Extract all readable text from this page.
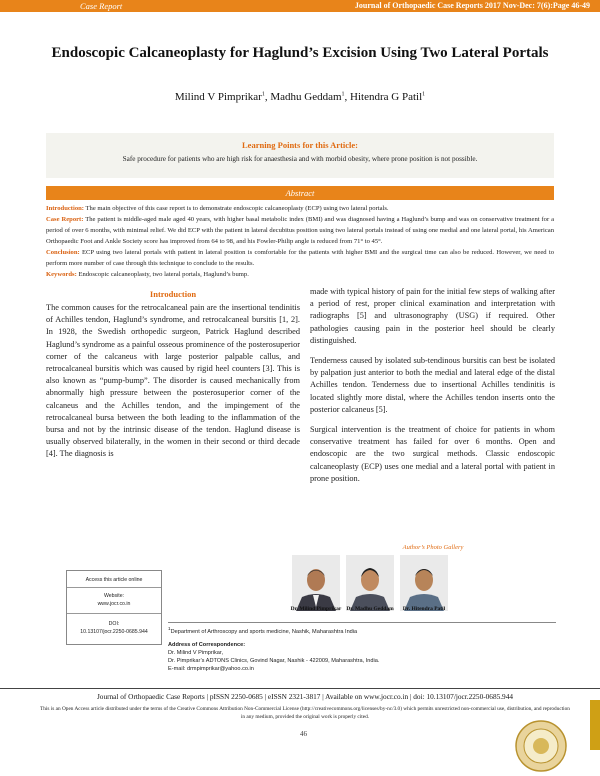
Case Report	Journal of Orthopaedic Case Reports 2017 Nov-Dec: 7(6):Page 46-49
Endoscopic Calcaneoplasty for Haglund’s Excision Using Two Lateral Portals
Milind V Pimprikar$^1$, Madhu Geddam$^1$, Hitendra G Patil$^1$
Learning Points for this Article:
Safe procedure for patients who are high risk for anaesthesia and with morbid obesity, where prone position is not possible.
Abstract

Introduction: The main objective of this case report is to demonstrate endoscopic calcaneoplasty (ECP) using two lateral portals.

Case Report: The patient is middle-aged male aged 40 years, with higher basal metabolic index (BMI) and was diagnosed having a Haglund’s bump and was on conservative treatment for a period of over 6 months, with minimal relief. We did ECP with the patient in lateral decubitus position using two lateral portals instead of using one medial and one lateral portal, his American Orthopaedic Foot and Ankle Society score has improved from 64 to 98, and his Fowler-Philip angle is reduced from 71° to 45°.

Conclusion: ECP using two lateral portals with patient in lateral position is comfortable for the patients with higher BMI and the surgical time can also be reduced. However, we need to perform more number of case through this technique to conclude to the results.

Keywords: Endoscopic calcaneoplasty, two lateral portals, Haglund’s bump.

Introduction

The common causes for the retrocalcaneal pain are the insertional tendinitis of Achilles tendon, Haglund’s syndrome, and retrocalcaneal bursitis [1, 2]. In 1928, the Swedish orthopedic surgeon, Patrick Haglund described Haglund’s syndrome as a painful osseous prominence of the posterosuperior corner of the calcaneus with large posterior palpable callus, and retrocalcaneal bursitis which was caused by rigid heel counters [3]. This is also known as “pump-bump”. The disorder is caused mechanically from abnormally high pressure between the posterosuperior corner of the calcaneus and the Achilles tendon, and the impingement of the retrocalcaneal bursa between the both leading to the inflammation of the bursa and not by the intrinsic disease of the tendon. Haglund disease is usually observed bilaterally, in the women in their second or third decade [4]. The diagnosis is

made with typical history of pain for the initial few steps of walking after a period of rest, proper clinical examination and interpretation with radiographs [5] and ultrasonography (USG) if required. Other pathologies causing pain in the posterior heel should be clearly distinguished.

Tenderness caused by isolated sub-tendinous bursitis can best be isolated by palpation just anterior to both the medial and lateral edge of the distal Achilles tendon. Tenderness due to insertional Achilles tendinitis is located slightly more distal, where the Achilles tendon inserts onto the posterior calcaneus [5].

Surgical intervention is the treatment of choice for patients in whom conservative treatment has failed for over 6 months. Open and endoscopic are the two surgical methods. Classic endoscopic calcaneoplasty (ECP) uses one medial and a lateral portal with patient in prone position.

Author’s Photo Gallery
Dr. Milind Pimprikar Dr. Madhu Geddam	Dr. Hitendra Patil
Access this article online
Website:
www.jocr.co.in
DOI:
10.13107/jocr.2250-0685.944
$^1$Department of Arthroscopy and sports medicine, Nashik, Maharashtra India
Address of Correspondence:
Dr. Milind V Pimprikar,
Dr. Pimprikar’s ADTONS Clinics, Govind Nagar, Nashik - 422009, Maharashtra, India.
E-mail: drmpimprikar@yahoo.co.in
Journal of Orthopaedic Case Reports | pISSN 2250-0685 | eISSN 2321-3817 | Available on www.jocr.co.in | doi: 10.13107/jocr.2250-0685.944
This is an Open Access article distributed under the terms of the Creative Commons Attribution Non-Commercial License (http://creativecommons.org/licenses/by-nc/3.0) which permits unrestricted non-commercial use, distribution, and reproduction in any medium, provided the original work is properly cited.
46
